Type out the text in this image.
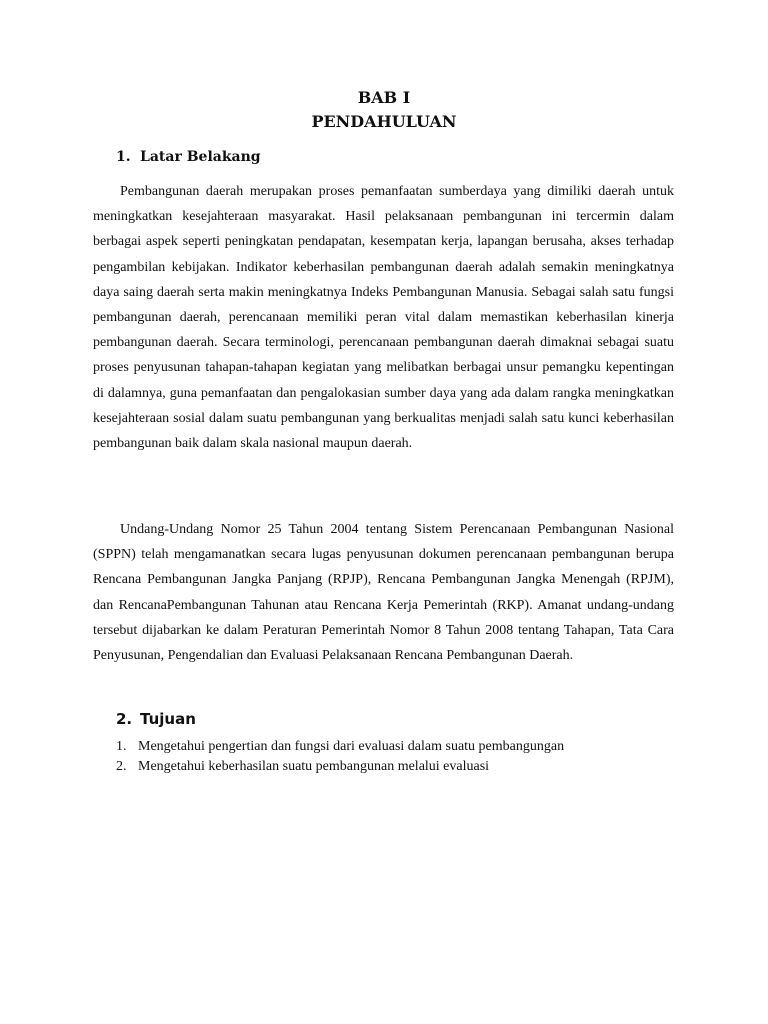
BAB I
PENDAHULUAN
1. Latar Belakang

Pembangunan daerah merupakan proses pemanfaatan sumberdaya yang dimiliki daerah untuk meningkatkan kesejahteraan masyarakat. Hasil pelaksanaan pembangunan ini tercermin dalam berbagai aspek seperti peningkatan pendapatan, kesempatan kerja, lapangan berusaha, akses terhadap pengambilan kebijakan. Indikator keberhasilan pembangunan daerah adalah semakin meningkatnya daya saing daerah serta makin meningkatnya Indeks Pembangunan Manusia. Sebagai salah satu fungsi pembangunan daerah, perencanaan memiliki peran vital dalam memastikan keberhasilan kinerja pembangunan daerah. Secara terminologi, perencanaan pembangunan daerah dimaknai sebagai suatu proses penyusunan tahapan-tahapan kegiatan yang melibatkan berbagai unsur pemangku kepentingan di dalamnya, guna pemanfaatan dan pengalokasian sumber daya yang ada dalam rangka meningkatkan kesejahteraan sosial dalam suatu pembangunan yang berkualitas menjadi salah satu kunci keberhasilan pembangunan baik dalam skala nasional maupun daerah.

Undang-Undang Nomor 25 Tahun 2004 tentang Sistem Perencanaan Pembangunan Nasional (SPPN) telah mengamanatkan secara lugas penyusunan dokumen perencanaan pembangunan berupa Rencana Pembangunan Jangka Panjang (RPJP), Rencana Pembangunan Jangka Menengah (RPJM), dan RencanaPembangunan Tahunan atau Rencana Kerja Pemerintah (RKP). Amanat undang-undang tersebut dijabarkan ke dalam Peraturan Pemerintah Nomor 8 Tahun 2008 tentang Tahapan, Tata Cara Penyusunan, Pengendalian dan Evaluasi Pelaksanaan Rencana Pembangunan Daerah.

2. Tujuan
1. Mengetahui pengertian dan fungsi dari evaluasi dalam suatu pembangungan
2. Mengetahui keberhasilan suatu pembangunan melalui evaluasi
